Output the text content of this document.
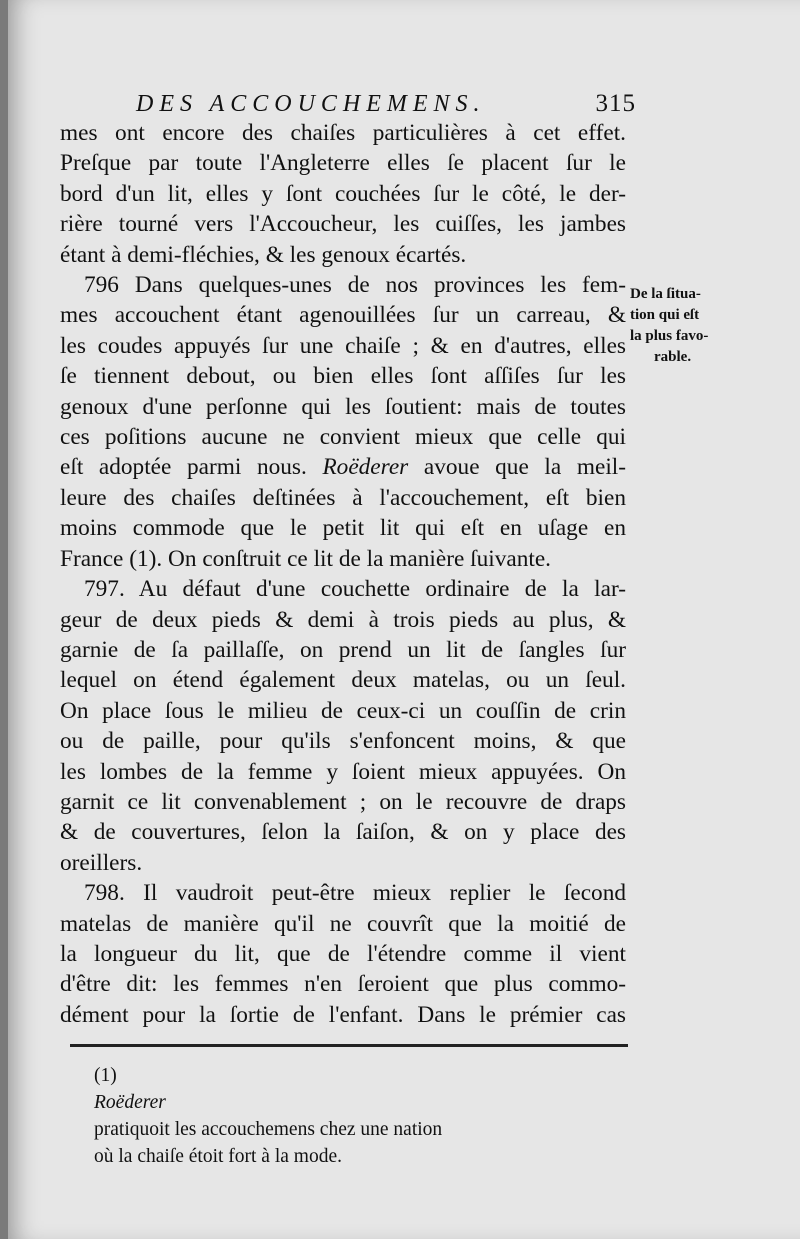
DES ACCOUCHEMENS.	315
mes ont encore des chaiſes particulières à cet effet.
Preſque par toute l'Angleterre elles ſe placent ſur le
bord d'un lit, elles y ſont couchées ſur le côté, le der-
rière tourné vers l'Accoucheur, les cuiſſes, les jambes
étant à demi-fléchies, & les genoux écartés.
796 Dans quelques-unes de nos provinces les fem-
mes accouchent étant agenouillées ſur un carreau, &
les coudes appuyés ſur une chaiſe ; & en d'autres, elles
ſe tiennent debout, ou bien elles ſont aſſiſes ſur les
genoux d'une perſonne qui les ſoutient: mais de toutes
ces poſitions aucune ne convient mieux que celle qui
eſt adoptée parmi nous. Roëderer avoue que la meil-
leure des chaiſes deſtinées à l'accouchement, eſt bien
moins commode que le petit lit qui eſt en uſage en
France (1). On conſtruit ce lit de la manière ſuivante.
797. Au défaut d'une couchette ordinaire de la lar-
geur de deux pieds & demi à trois pieds au plus, &
garnie de ſa paillaſſe, on prend un lit de ſangles ſur
lequel on étend également deux matelas, ou un ſeul.
On place ſous le milieu de ceux-ci un couſſin de crin
ou de paille, pour qu'ils s'enfoncent moins, & que
les lombes de la femme y ſoient mieux appuyées. On
garnit ce lit convenablement ; on le recouvre de draps
& de couvertures, ſelon la ſaiſon, & on y place des
oreillers.
798. Il vaudroit peut-être mieux replier le ſecond
matelas de manière qu'il ne couvrît que la moitié de
la longueur du lit, que de l'étendre comme il vient
d'être dit: les femmes n'en ſeroient que plus commo-
dément pour la ſortie de l'enfant. Dans le prémier cas
De la ſitua-
tion qui eſt
la plus favo-
rable.
(1)
Roëderer
pratiquoit les accouchemens chez une nation
où la chaiſe étoit fort à la mode.
